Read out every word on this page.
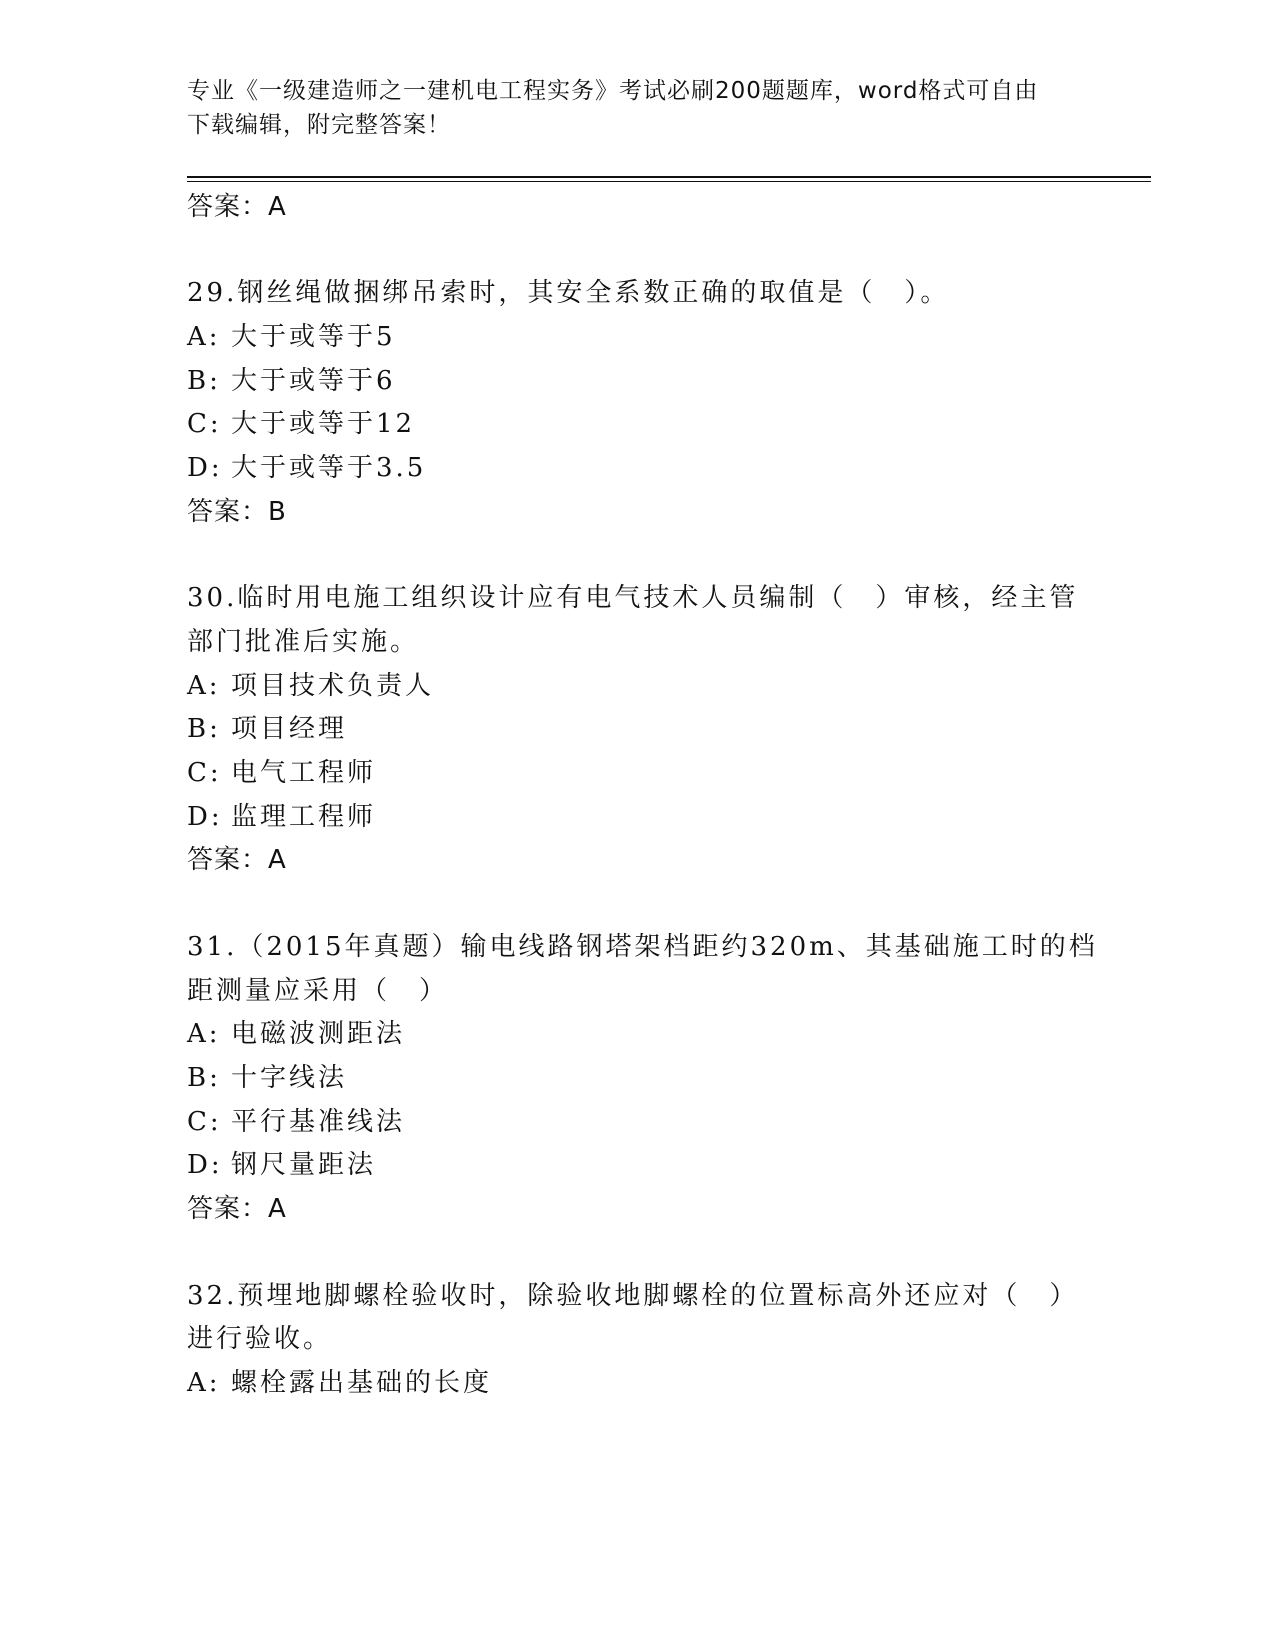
专业《一级建造师之一建机电工程实务》考试必刷200题题库，word格式可自由
下载编辑，附完整答案！
答案：A
29.钢丝绳做捆绑吊索时，其安全系数正确的取值是（　）。
A: 大于或等于5
B: 大于或等于6
C: 大于或等于12
D: 大于或等于3.5
答案：B
30.临时用电施工组织设计应有电气技术人员编制（　）审核，经主管
部门批准后实施。
A: 项目技术负责人
B: 项目经理
C: 电气工程师
D: 监理工程师
答案：A
31.（2015年真题）输电线路钢塔架档距约320m、其基础施工时的档
距测量应采用（　）
A: 电磁波测距法
B: 十字线法
C: 平行基准线法
D: 钢尺量距法
答案：A
32.预埋地脚螺栓验收时，除验收地脚螺栓的位置标高外还应对（　）
进行验收。
A: 螺栓露出基础的长度
